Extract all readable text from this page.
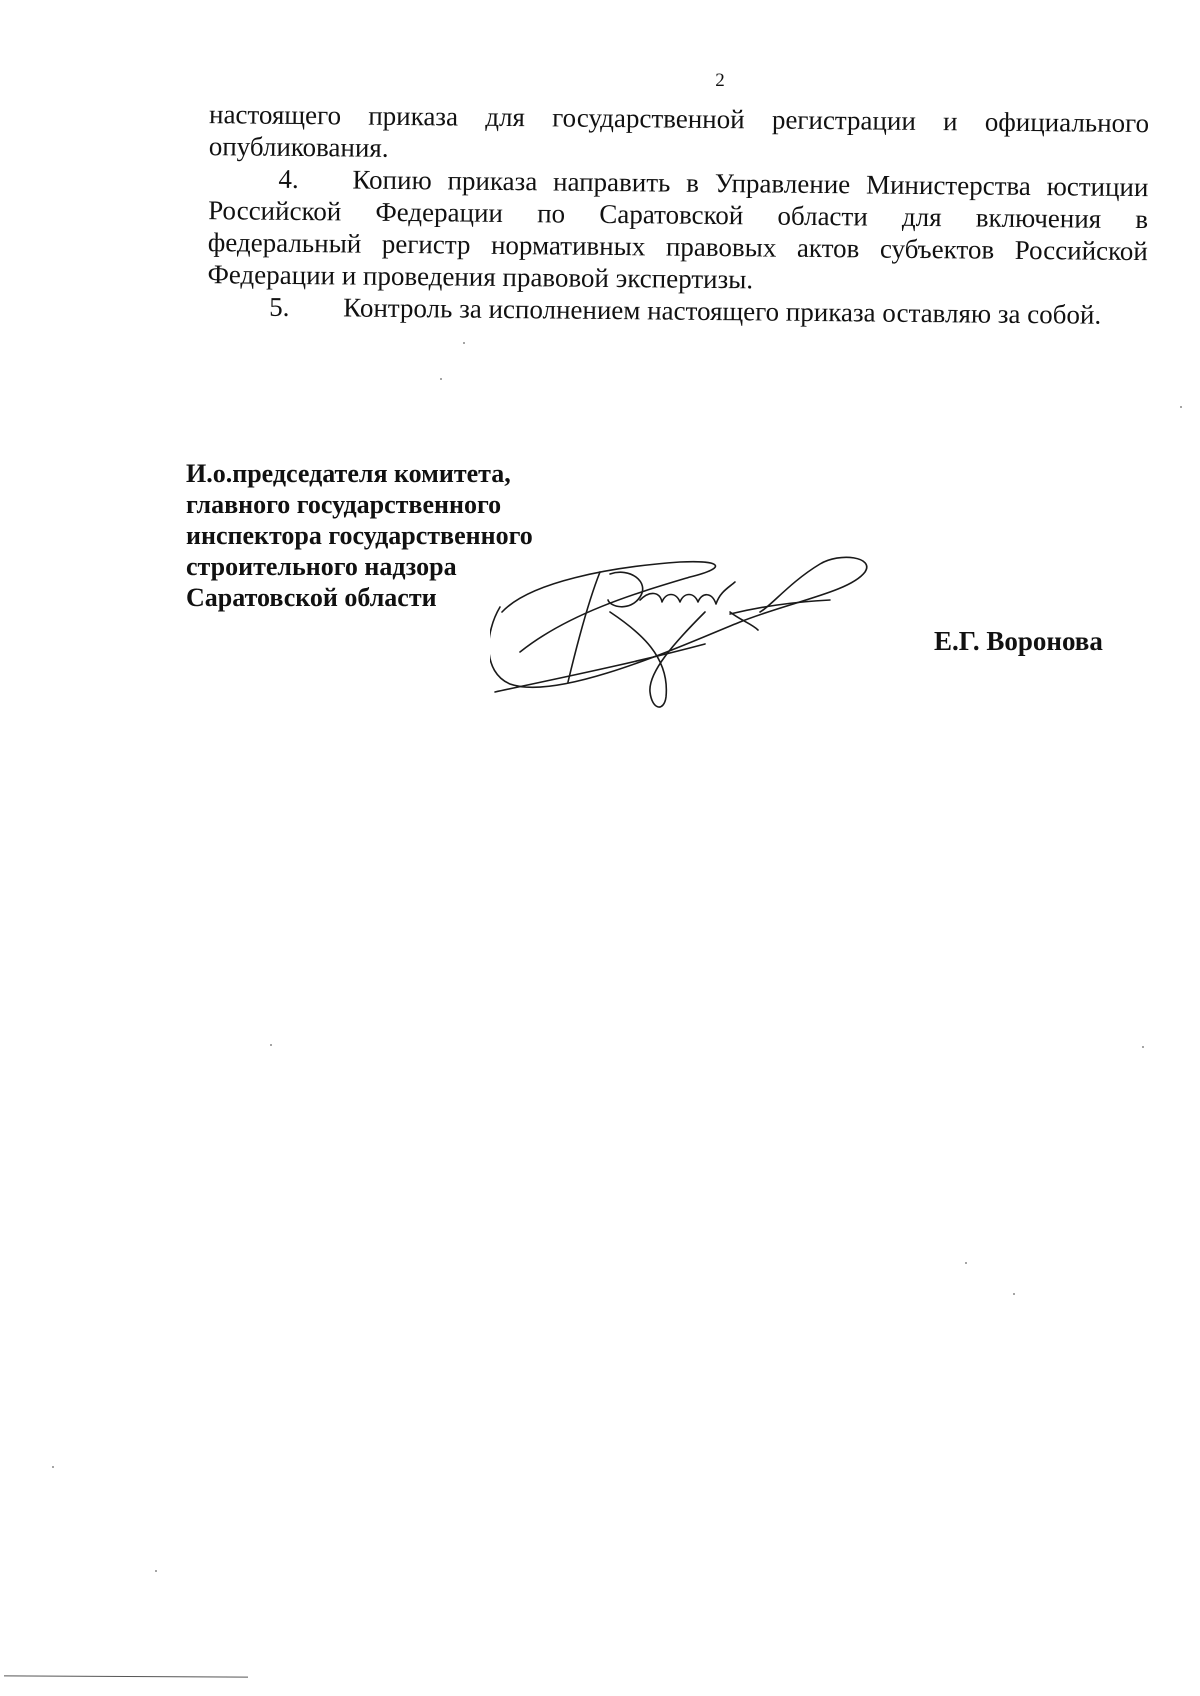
2
настоящего приказа для государственной регистрации и официального
опубликования.
4.	Копию приказа направить в Управление Министерства юстиции
Российской Федерации по Саратовской области для включения в
федеральный регистр нормативных правовых актов субъектов Российской
Федерации и проведения правовой экспертизы.
5.	Контроль за исполнением настоящего приказа оставляю за собой.
И.о.председателя комитета,
главного государственного
инспектора государственного
строительного надзора
Саратовской области
Е.Г. Воронова
